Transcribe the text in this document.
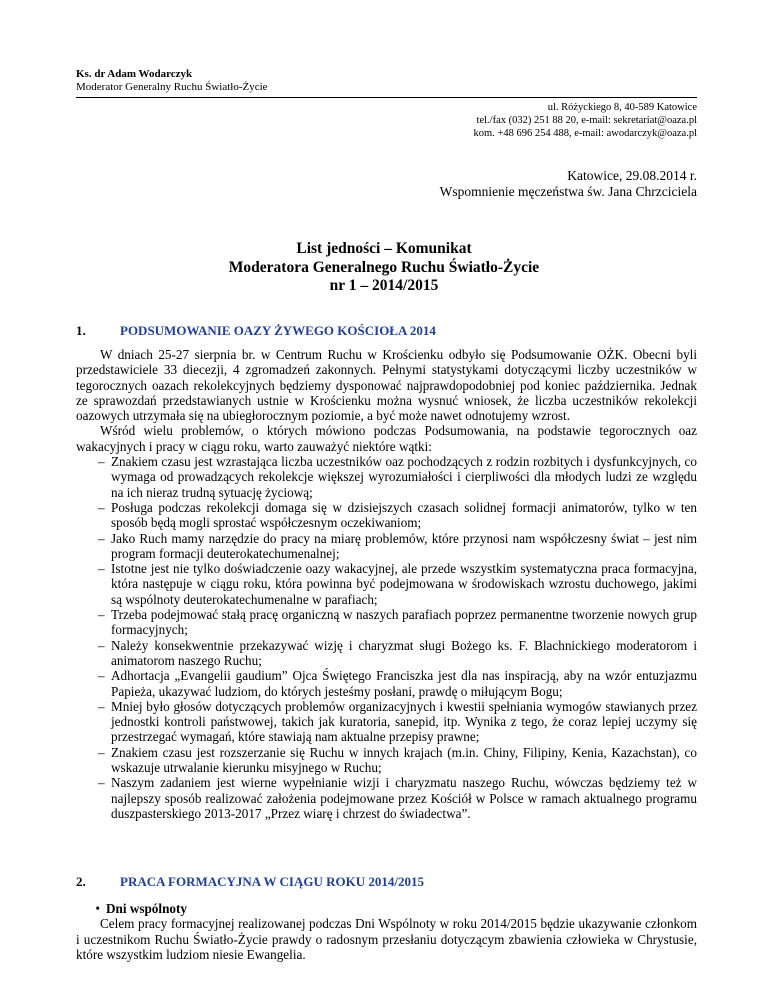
Ks. dr Adam Wodarczyk
Moderator Generalny Ruchu Światło-Życie
ul. Różyckiego 8, 40-589 Katowice
tel./fax (032) 251 88 20, e-mail: sekretariat@oaza.pl
kom. +48 696 254 488, e-mail: awodarczyk@oaza.pl
Katowice, 29.08.2014 r.
Wspomnienie męczeństwa św. Jana Chrzciciela
List jedności – Komunikat
Moderatora Generalnego Ruchu Światło-Życie
nr 1 – 2014/2015
1.	PODSUMOWANIE OAZY ŻYWEGO KOŚCIOŁA 2014

W dniach 25-27 sierpnia br. w Centrum Ruchu w Krościenku odbyło się Podsumowanie OŻK. Obecni byli przedstawiciele 33 diecezji, 4 zgromadzeń zakonnych. Pełnymi statystykami dotyczącymi liczby uczestników w tegorocznych oazach rekolekcyjnych będziemy dysponować najprawdopodobniej pod koniec października. Jednak ze sprawozdań przedstawianych ustnie w Krościenku można wysnuć wniosek, że liczba uczestników rekolekcji oazowych utrzymała się na ubiegłorocznym poziomie, a być może nawet odnotujemy wzrost.

Wśród wielu problemów, o których mówiono podczas Podsumowania, na podstawie tegorocznych oaz wakacyjnych i pracy w ciągu roku, warto zauważyć niektóre wątki:

– Znakiem czasu jest wzrastająca liczba uczestników oaz pochodzących z rodzin rozbitych i dysfunkcyjnych, co wymaga od prowadzących rekolekcje większej wyrozumiałości i cierpliwości dla młodych ludzi ze względu na ich nieraz trudną sytuację życiową;
– Posługa podczas rekolekcji domaga się w dzisiejszych czasach solidnej formacji animatorów, tylko w ten sposób będą mogli sprostać współczesnym oczekiwaniom;
– Jako Ruch mamy narzędzie do pracy na miarę problemów, które przynosi nam współczesny świat – jest nim program formacji deuterokatechumenalnej;
– Istotne jest nie tylko doświadczenie oazy wakacyjnej, ale przede wszystkim systematyczna praca formacyjna, która następuje w ciągu roku, która powinna być podejmowana w środowiskach wzrostu duchowego, jakimi są wspólnoty deuterokatechumenalne w parafiach;
– Trzeba podejmować stałą pracę organiczną w naszych parafiach poprzez permanentne tworzenie nowych grup formacyjnych;
– Należy konsekwentnie przekazywać wizję i charyzmat sługi Bożego ks. F. Blachnickiego moderatorom i animatorom naszego Ruchu;
– Adhortacja „Evangelii gaudium” Ojca Świętego Franciszka jest dla nas inspiracją, aby na wzór entuzjazmu Papieża, ukazywać ludziom, do których jesteśmy posłani, prawdę o miłującym Bogu;
– Mniej było głosów dotyczących problemów organizacyjnych i kwestii spełniania wymogów stawianych przez jednostki kontroli państwowej, takich jak kuratoria, sanepid, itp. Wynika z tego, że coraz lepiej uczymy się przestrzegać wymagań, które stawiają nam aktualne przepisy prawne;
– Znakiem czasu jest rozszerzanie się Ruchu w innych krajach (m.in. Chiny, Filipiny, Kenia, Kazachstan), co wskazuje utrwalanie kierunku misyjnego w Ruchu;
– Naszym zadaniem jest wierne wypełnianie wizji i charyzmatu naszego Ruchu, wówczas będziemy też w najlepszy sposób realizować założenia podejmowane przez Kościół w Polsce w ramach aktualnego programu duszpasterskiego 2013-2017 „Przez wiarę i chrzest do świadectwa”.
2.	PRACA FORMACYJNA W CIĄGU ROKU 2014/2015
• Dni wspólnoty

Celem pracy formacyjnej realizowanej podczas Dni Wspólnoty w roku 2014/2015 będzie ukazywanie członkom i uczestnikom Ruchu Światło-Życie prawdy o radosnym przesłaniu dotyczącym zbawienia człowieka w Chrystusie, które wszystkim ludziom niesie Ewangelia.
